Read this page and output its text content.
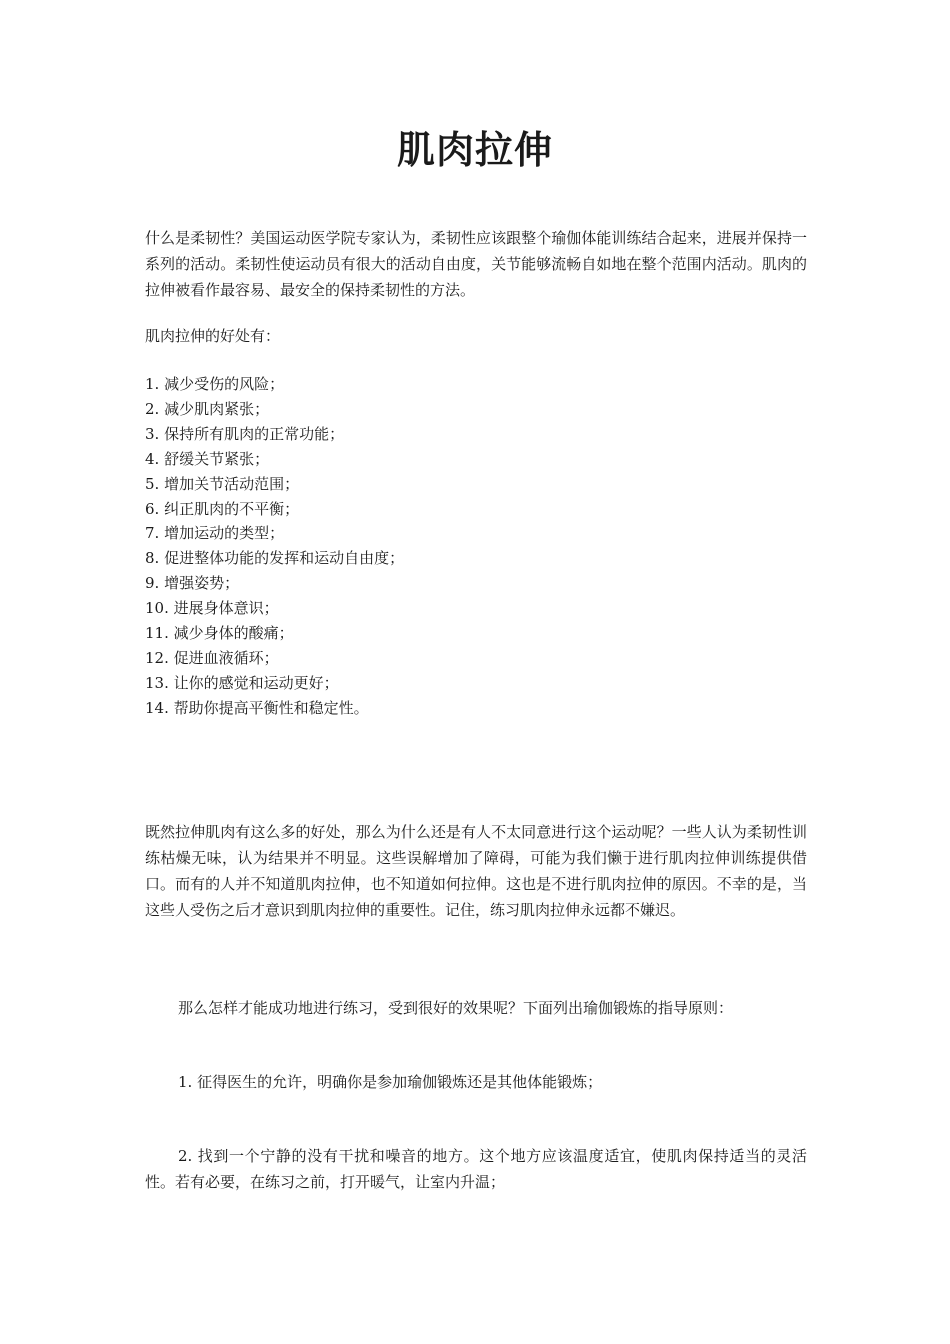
肌肉拉伸

什么是柔韧性？美国运动医学院专家认为，柔韧性应该跟整个瑜伽体能训练结合起来，进展并保持一系列的活动。柔韧性使运动员有很大的活动自由度，关节能够流畅自如地在整个范围内活动。肌肉的拉伸被看作最容易、最安全的保持柔韧性的方法。

肌肉拉伸的好处有：

1. 减少受伤的风险；
2. 减少肌肉紧张；
3. 保持所有肌肉的正常功能；
4. 舒缓关节紧张；
5. 增加关节活动范围；
6. 纠正肌肉的不平衡；
7. 增加运动的类型；
8. 促进整体功能的发挥和运动自由度；
9. 增强姿势；
10. 进展身体意识；
11. 减少身体的酸痛；
12. 促进血液循环；
13. 让你的感觉和运动更好；
14. 帮助你提高平衡性和稳定性。

既然拉伸肌肉有这么多的好处，那么为什么还是有人不太同意进行这个运动呢？一些人认为柔韧性训练枯燥无味，认为结果并不明显。这些误解增加了障碍，可能为我们懒于进行肌肉拉伸训练提供借口。而有的人并不知道肌肉拉伸，也不知道如何拉伸。这也是不进行肌肉拉伸的原因。不幸的是，当这些人受伤之后才意识到肌肉拉伸的重要性。记住，练习肌肉拉伸永远都不嫌迟。

那么怎样才能成功地进行练习，受到很好的效果呢？下面列出瑜伽锻炼的指导原则：

1. 征得医生的允许，明确你是参加瑜伽锻炼还是其他体能锻炼；

2. 找到一个宁静的没有干扰和噪音的地方。这个地方应该温度适宜，使肌肉保持适当的灵活性。若有必要，在练习之前，打开暖气，让室内升温；
